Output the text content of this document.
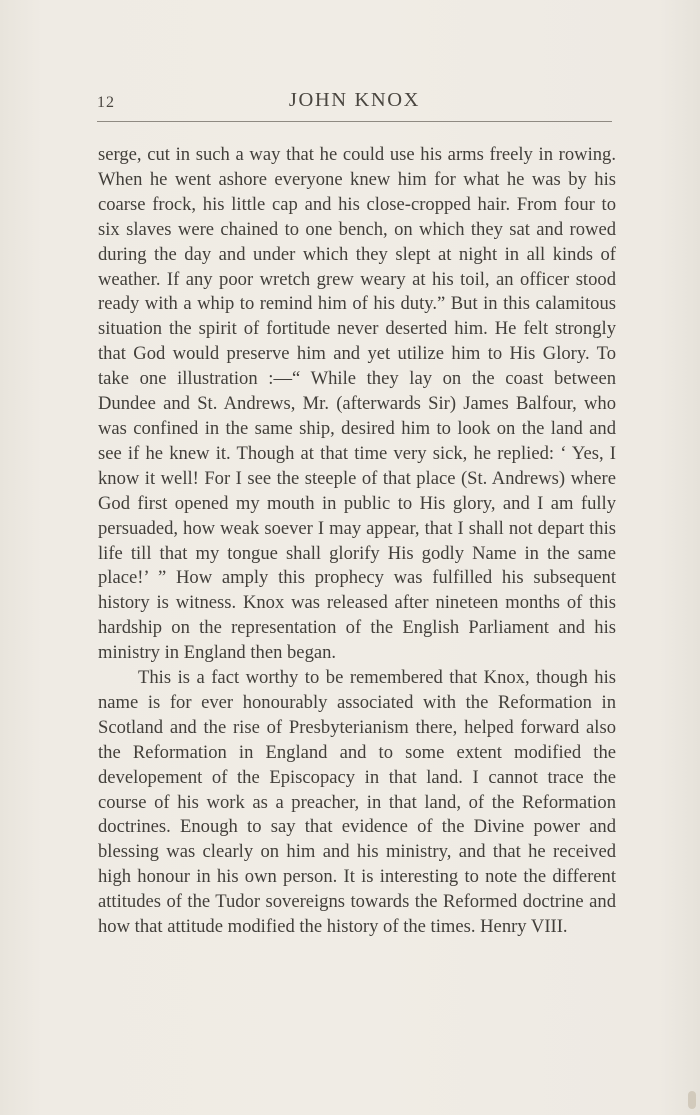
12	JOHN KNOX

serge, cut in such a way that he could use his arms freely in rowing. When he went ashore everyone knew him for what he was by his coarse frock, his little cap and his close-cropped hair. From four to six slaves were chained to one bench, on which they sat and rowed during the day and under which they slept at night in all kinds of weather. If any poor wretch grew weary at his toil, an officer stood ready with a whip to remind him of his duty.” But in this calamitous situation the spirit of fortitude never deserted him. He felt strongly that God would preserve him and yet utilize him to His Glory. To take one illustration :—“ While they lay on the coast between Dundee and St. Andrews, Mr. (afterwards Sir) James Balfour, who was confined in the same ship, desired him to look on the land and see if he knew it. Though at that time very sick, he replied: ‘ Yes, I know it well! For I see the steeple of that place (St. Andrews) where God first opened my mouth in public to His glory, and I am fully persuaded, how weak soever I may appear, that I shall not depart this life till that my tongue shall glorify His godly Name in the same place!’ ” How amply this prophecy was fulfilled his subsequent history is witness. Knox was released after nineteen months of this hardship on the representation of the English Parliament and his ministry in England then began.

This is a fact worthy to be remembered that Knox, though his name is for ever honourably associated with the Reformation in Scotland and the rise of Presbyterianism there, helped forward also the Reformation in England and to some extent modified the developement of the Episcopacy in that land. I cannot trace the course of his work as a preacher, in that land, of the Reformation doctrines. Enough to say that evidence of the Divine power and blessing was clearly on him and his ministry, and that he received high honour in his own person. It is interesting to note the different attitudes of the Tudor sovereigns towards the Reformed doctrine and how that attitude modified the history of the times. Henry VIII.
